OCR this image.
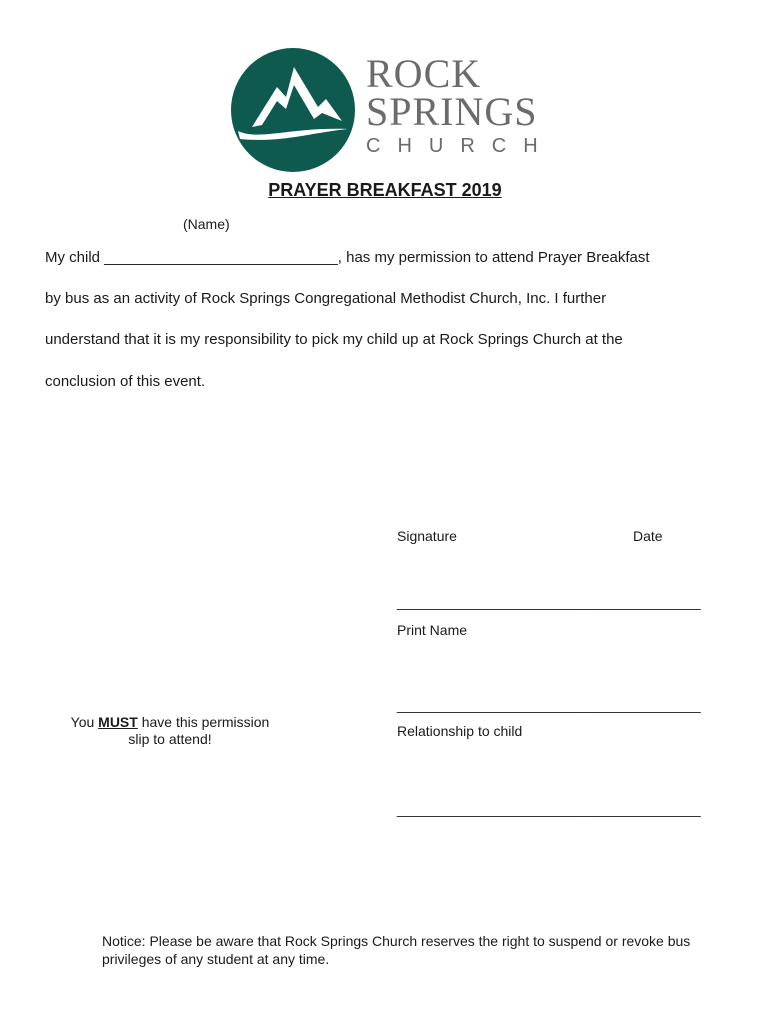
ROCK
SPRINGS
CHURCH
PRAYER BREAKFAST 2019
(Name)
My child ____________________________, has my permission to attend Prayer Breakfast
by bus as an activity of Rock Springs Congregational Methodist Church, Inc. I further
understand that it is my responsibility to pick my child up at Rock Springs Church at the
conclusion of this event.
Signature	Date
_______________________________________
Print Name
_______________________________________
Relationship to child
_______________________________________
You MUST have this permission
slip to attend!
Notice: Please be aware that Rock Springs Church reserves the right to suspend or revoke bus privileges of any student at any time.
